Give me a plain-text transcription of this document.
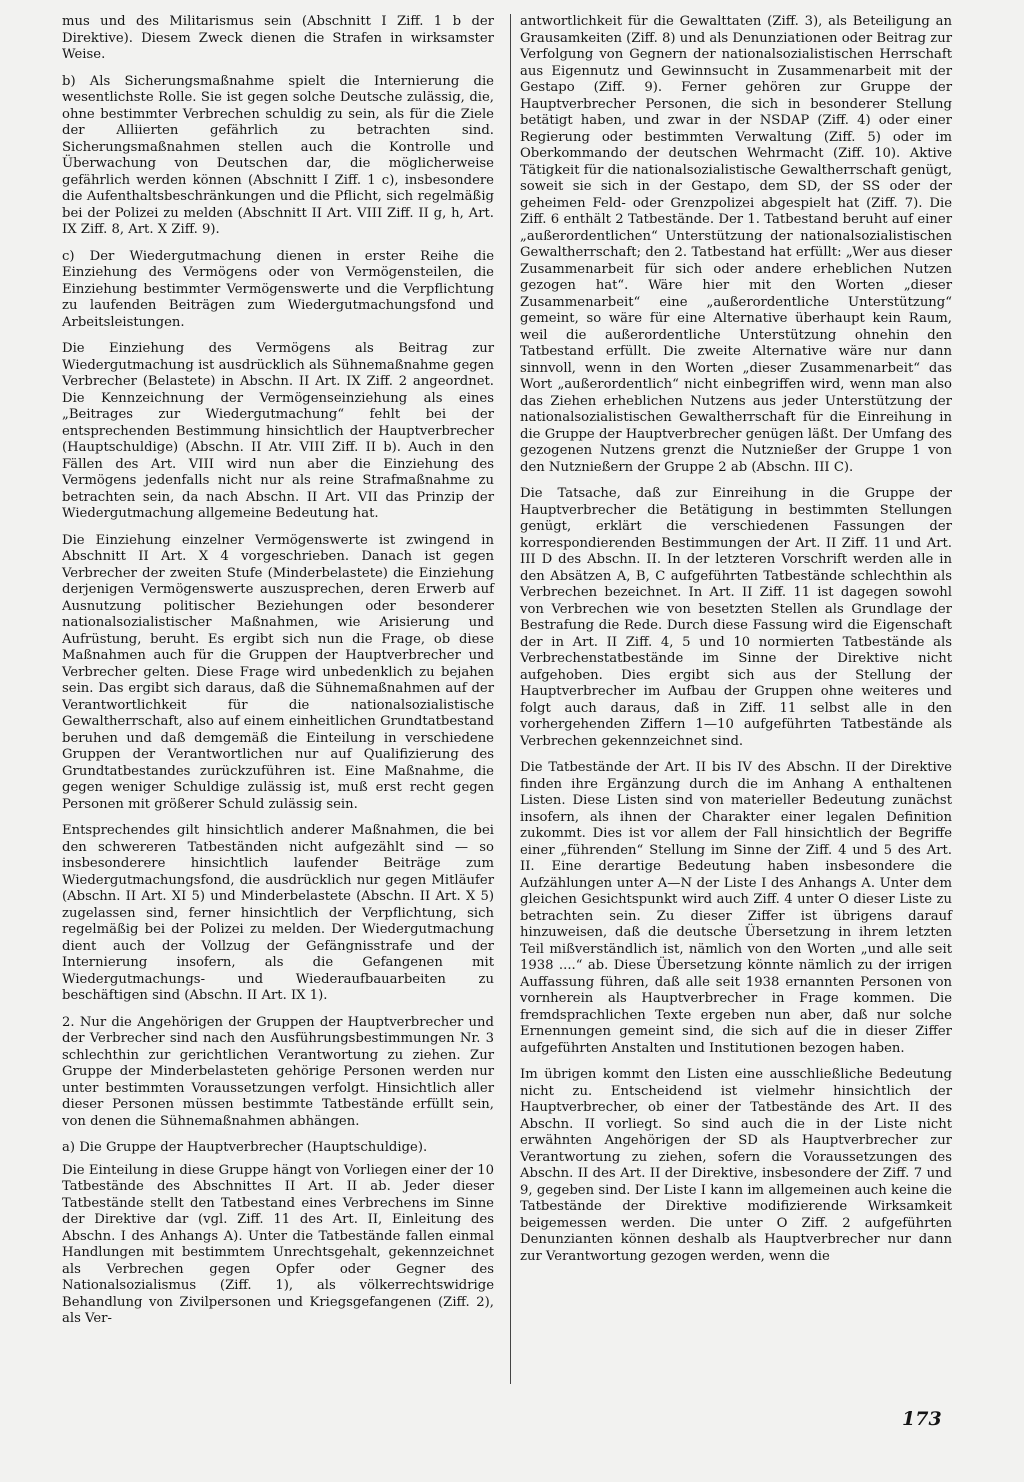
mus und des Militarismus sein (Abschnitt I Ziff. 1 b der Direktive). Diesem Zweck dienen die Strafen in wirksamster Weise.

b) Als Sicherungsmaßnahme spielt die Internierung die wesentlichste Rolle. Sie ist gegen solche Deutsche zulässig, die, ohne bestimmter Verbrechen schuldig zu sein, als für die Ziele der Alliierten gefährlich zu betrachten sind. Sicherungsmaßnahmen stellen auch die Kontrolle und Überwachung von Deutschen dar, die möglicherweise gefährlich werden können (Abschnitt I Ziff. 1 c), insbesondere die Aufenthaltsbeschränkungen und die Pflicht, sich regelmäßig bei der Polizei zu melden (Abschnitt II Art. VIII Ziff. II g, h, Art. IX Ziff. 8, Art. X Ziff. 9).

c) Der Wiedergutmachung dienen in erster Reihe die Einziehung des Vermögens oder von Vermögensteilen, die Einziehung bestimmter Vermögenswerte und die Verpflichtung zu laufenden Beiträgen zum Wiedergutmachungsfond und Arbeitsleistungen.

Die Einziehung des Vermögens als Beitrag zur Wiedergutmachung ist ausdrücklich als Sühnemaßnahme gegen Verbrecher (Belastete) in Abschn. II Art. IX Ziff. 2 angeordnet. Die Kennzeichnung der Vermögenseinziehung als eines „Beitrages zur Wiedergutmachung“ fehlt bei der entsprechenden Bestimmung hinsichtlich der Hauptverbrecher (Hauptschuldige) (Abschn. II Atr. VIII Ziff. II b). Auch in den Fällen des Art. VIII wird nun aber die Einziehung des Vermögens jedenfalls nicht nur als reine Strafmaßnahme zu betrachten sein, da nach Abschn. II Art. VII das Prinzip der Wiedergutmachung allgemeine Bedeutung hat.

Die Einziehung einzelner Vermögenswerte ist zwingend in Abschnitt II Art. X 4 vorgeschrieben. Danach ist gegen Verbrecher der zweiten Stufe (Minderbelastete) die Einziehung derjenigen Vermögenswerte auszusprechen, deren Erwerb auf Ausnutzung politischer Beziehungen oder besonderer nationalsozialistischer Maßnahmen, wie Arisierung und Aufrüstung, beruht. Es ergibt sich nun die Frage, ob diese Maßnahmen auch für die Gruppen der Hauptverbrecher und Verbrecher gelten. Diese Frage wird unbedenklich zu bejahen sein. Das ergibt sich daraus, daß die Sühnemaßnahmen auf der Verantwortlichkeit für die nationalsozialistische Gewaltherrschaft, also auf einem einheitlichen Grundtatbestand beruhen und daß demgemäß die Einteilung in verschiedene Gruppen der Verantwortlichen nur auf Qualifizierung des Grundtatbestandes zurückzuführen ist. Eine Maßnahme, die gegen weniger Schuldige zulässig ist, muß erst recht gegen Personen mit größerer Schuld zulässig sein.

Entsprechendes gilt hinsichtlich anderer Maßnahmen, die bei den schwereren Tatbeständen nicht aufgezählt sind — so insbesonderere hinsichtlich laufender Beiträge zum Wiedergutmachungsfond, die ausdrücklich nur gegen Mitläufer (Abschn. II Art. XI 5) und Minderbelastete (Abschn. II Art. X 5) zugelassen sind, ferner hinsichtlich der Verpflichtung, sich regelmäßig bei der Polizei zu melden. Der Wiedergutmachung dient auch der Vollzug der Gefängnisstrafe und der Internierung insofern, als die Gefangenen mit Wiedergutmachungs- und Wiederaufbauarbeiten zu beschäftigen sind (Abschn. II Art. IX 1).

2. Nur die Angehörigen der Gruppen der Hauptverbrecher und der Verbrecher sind nach den Ausführungsbestimmungen Nr. 3 schlechthin zur gerichtlichen Verantwortung zu ziehen. Zur Gruppe der Minderbelasteten gehörige Personen werden nur unter bestimmten Voraussetzungen verfolgt. Hinsichtlich aller dieser Personen müssen bestimmte Tatbestände erfüllt sein, von denen die Sühnemaßnahmen abhängen.

a) Die Gruppe der Hauptverbrecher (Hauptschuldige).

Die Einteilung in diese Gruppe hängt von Vorliegen einer der 10 Tatbestände des Abschnittes II Art. II ab. Jeder dieser Tatbestände stellt den Tatbestand eines Verbrechens im Sinne der Direktive dar (vgl. Ziff. 11 des Art. II, Einleitung des Abschn. I des Anhangs A). Unter die Tatbestände fallen einmal Handlungen mit bestimmtem Unrechtsgehalt, gekennzeichnet als Verbrechen gegen Opfer oder Gegner des Nationalsozialismus (Ziff. 1), als völkerrechtswidrige Behandlung von Zivilpersonen und Kriegsgefangenen (Ziff. 2), als Ver-

antwortlichkeit für die Gewalttaten (Ziff. 3), als Beteiligung an Grausamkeiten (Ziff. 8) und als Denunziationen oder Beitrag zur Verfolgung von Gegnern der nationalsozialistischen Herrschaft aus Eigennutz und Gewinnsucht in Zusammenarbeit mit der Gestapo (Ziff. 9). Ferner gehören zur Gruppe der Hauptverbrecher Personen, die sich in besonderer Stellung betätigt haben, und zwar in der NSDAP (Ziff. 4) oder einer Regierung oder bestimmten Verwaltung (Ziff. 5) oder im Oberkommando der deutschen Wehrmacht (Ziff. 10). Aktive Tätigkeit für die nationalsozialistische Gewaltherrschaft genügt, soweit sie sich in der Gestapo, dem SD, der SS oder der geheimen Feld- oder Grenzpolizei abgespielt hat (Ziff. 7). Die Ziff. 6 enthält 2 Tatbestände. Der 1. Tatbestand beruht auf einer „außerordentlichen“ Unterstützung der nationalsozialistischen Gewaltherrschaft; den 2. Tatbestand hat erfüllt: „Wer aus dieser Zusammenarbeit für sich oder andere erheblichen Nutzen gezogen hat“. Wäre hier mit den Worten „dieser Zusammenarbeit“ eine „außerordentliche Unterstützung“ gemeint, so wäre für eine Alternative überhaupt kein Raum, weil die außerordentliche Unterstützung ohnehin den Tatbestand erfüllt. Die zweite Alternative wäre nur dann sinnvoll, wenn in den Worten „dieser Zusammenarbeit“ das Wort „außerordentlich“ nicht einbegriffen wird, wenn man also das Ziehen erheblichen Nutzens aus jeder Unterstützung der nationalsozialistischen Gewaltherrschaft für die Einreihung in die Gruppe der Hauptverbrecher genügen läßt. Der Umfang des gezogenen Nutzens grenzt die Nutznießer der Gruppe 1 von den Nutznießern der Gruppe 2 ab (Abschn. III C).

Die Tatsache, daß zur Einreihung in die Gruppe der Hauptverbrecher die Betätigung in bestimmten Stellungen genügt, erklärt die verschiedenen Fassungen der korrespondierenden Bestimmungen der Art. II Ziff. 11 und Art. III D des Abschn. II. In der letzteren Vorschrift werden alle in den Absätzen A, B, C aufgeführten Tatbestände schlechthin als Verbrechen bezeichnet. In Art. II Ziff. 11 ist dagegen sowohl von Verbrechen wie von besetzten Stellen als Grundlage der Bestrafung die Rede. Durch diese Fassung wird die Eigenschaft der in Art. II Ziff. 4, 5 und 10 normierten Tatbestände als Verbrechenstatbestände im Sinne der Direktive nicht aufgehoben. Dies ergibt sich aus der Stellung der Hauptverbrecher im Aufbau der Gruppen ohne weiteres und folgt auch daraus, daß in Ziff. 11 selbst alle in den vorhergehenden Ziffern 1—10 aufgeführten Tatbestände als Verbrechen gekennzeichnet sind.

Die Tatbestände der Art. II bis IV des Abschn. II der Direktive finden ihre Ergänzung durch die im Anhang A enthaltenen Listen. Diese Listen sind von materieller Bedeutung zunächst insofern, als ihnen der Charakter einer legalen Definition zukommt. Dies ist vor allem der Fall hinsichtlich der Begriffe einer „führenden“ Stellung im Sinne der Ziff. 4 und 5 des Art. II. Eine derartige Bedeutung haben insbesondere die Aufzählungen unter A—N der Liste I des Anhangs A. Unter dem gleichen Gesichtspunkt wird auch Ziff. 4 unter O dieser Liste zu betrachten sein. Zu dieser Ziffer ist übrigens darauf hinzuweisen, daß die deutsche Übersetzung in ihrem letzten Teil mißverständlich ist, nämlich von den Worten „und alle seit 1938 ....“ ab. Diese Übersetzung könnte nämlich zu der irrigen Auffassung führen, daß alle seit 1938 ernannten Personen von vornherein als Hauptverbrecher in Frage kommen. Die fremdsprachlichen Texte ergeben nun aber, daß nur solche Ernennungen gemeint sind, die sich auf die in dieser Ziffer aufgeführten Anstalten und Institutionen bezogen haben.

Im übrigen kommt den Listen eine ausschließliche Bedeutung nicht zu. Entscheidend ist vielmehr hinsichtlich der Hauptverbrecher, ob einer der Tatbestände des Art. II des Abschn. II vorliegt. So sind auch die in der Liste nicht erwähnten Angehörigen der SD als Hauptverbrecher zur Verantwortung zu ziehen, sofern die Voraussetzungen des Abschn. II des Art. II der Direktive, insbesondere der Ziff. 7 und 9, gegeben sind. Der Liste I kann im allgemeinen auch keine die Tatbestände der Direktive modifizierende Wirksamkeit beigemessen werden. Die unter O Ziff. 2 aufgeführten Denunzianten können deshalb als Hauptverbrecher nur dann zur Verantwortung gezogen werden, wenn die

173
